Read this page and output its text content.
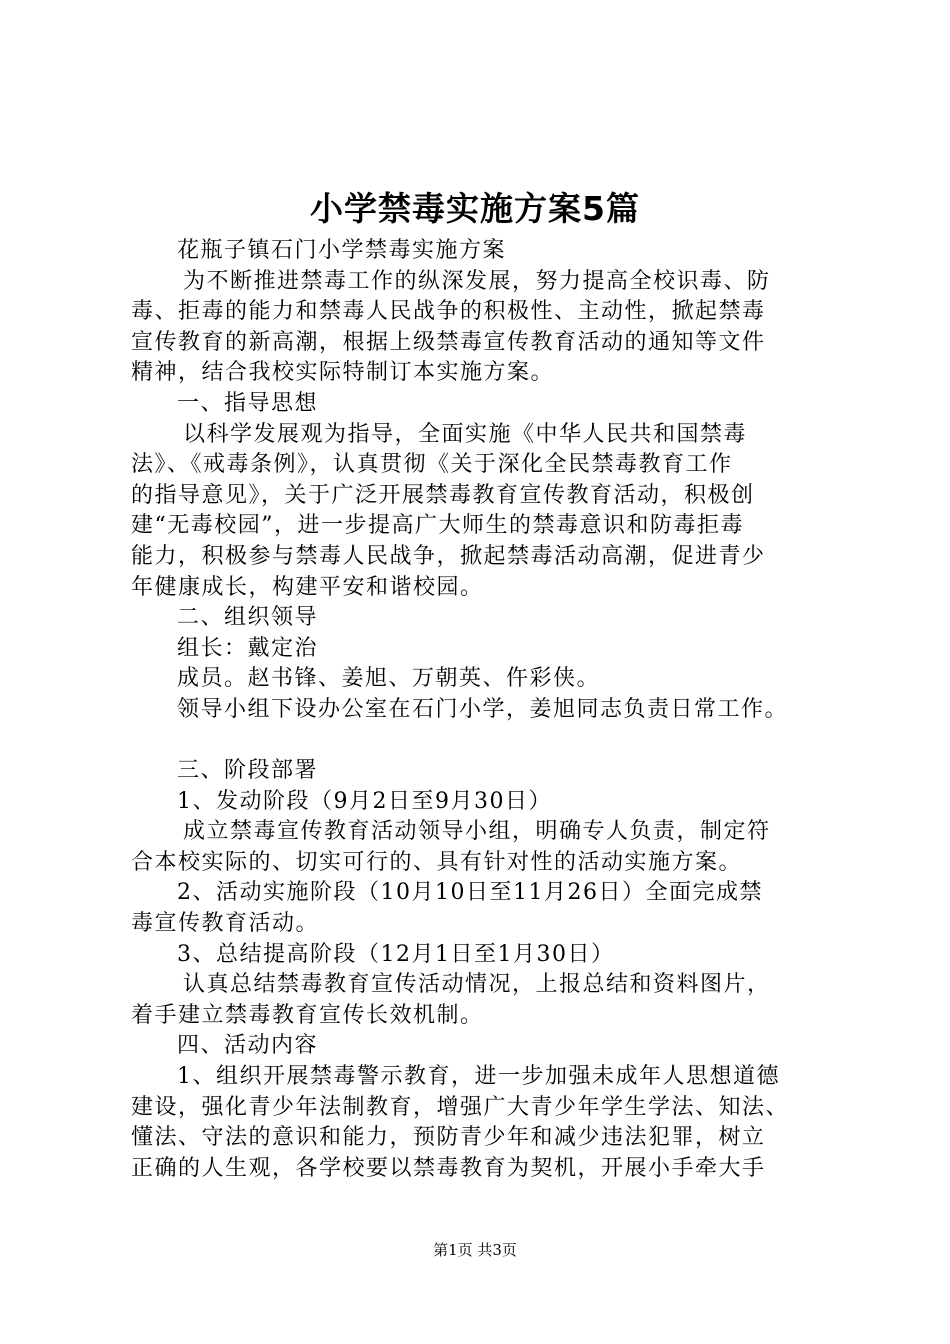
小学禁毒实施方案5篇
花瓶子镇石门小学禁毒实施方案
为不断推进禁毒工作的纵深发展，努力提高全校识毒、防
毒、拒毒的能力和禁毒人民战争的积极性、主动性，掀起禁毒
宣传教育的新高潮，根据上级禁毒宣传教育活动的通知等文件
精神，结合我校实际特制订本实施方案。
一、指导思想
以科学发展观为指导，全面实施《中华人民共和国禁毒
法》、《戒毒条例》，认真贯彻《关于深化全民禁毒教育工作
的指导意见》，关于广泛开展禁毒教育宣传教育活动，积极创
建“无毒校园”，进一步提高广大师生的禁毒意识和防毒拒毒
能力，积极参与禁毒人民战争，掀起禁毒活动高潮，促进青少
年健康成长，构建平安和谐校园。
二、组织领导
组长：戴定治
成员。赵书锋、姜旭、万朝英、仵彩侠。
领导小组下设办公室在石门小学，姜旭同志负责日常工作。
三、阶段部署
1、发动阶段（9月2日至9月30日）
成立禁毒宣传教育活动领导小组，明确专人负责，制定符
合本校实际的、切实可行的、具有针对性的活动实施方案。
2、活动实施阶段（10月10日至11月26日）全面完成禁
毒宣传教育活动。
3、总结提高阶段（12月1日至1月30日）
认真总结禁毒教育宣传活动情况，上报总结和资料图片，
着手建立禁毒教育宣传长效机制。
四、活动内容
1、组织开展禁毒警示教育，进一步加强未成年人思想道德
建设，强化青少年法制教育，增强广大青少年学生学法、知法、
懂法、守法的意识和能力，预防青少年和减少违法犯罪，树立
正确的人生观，各学校要以禁毒教育为契机，开展小手牵大手
第1页 共3页
